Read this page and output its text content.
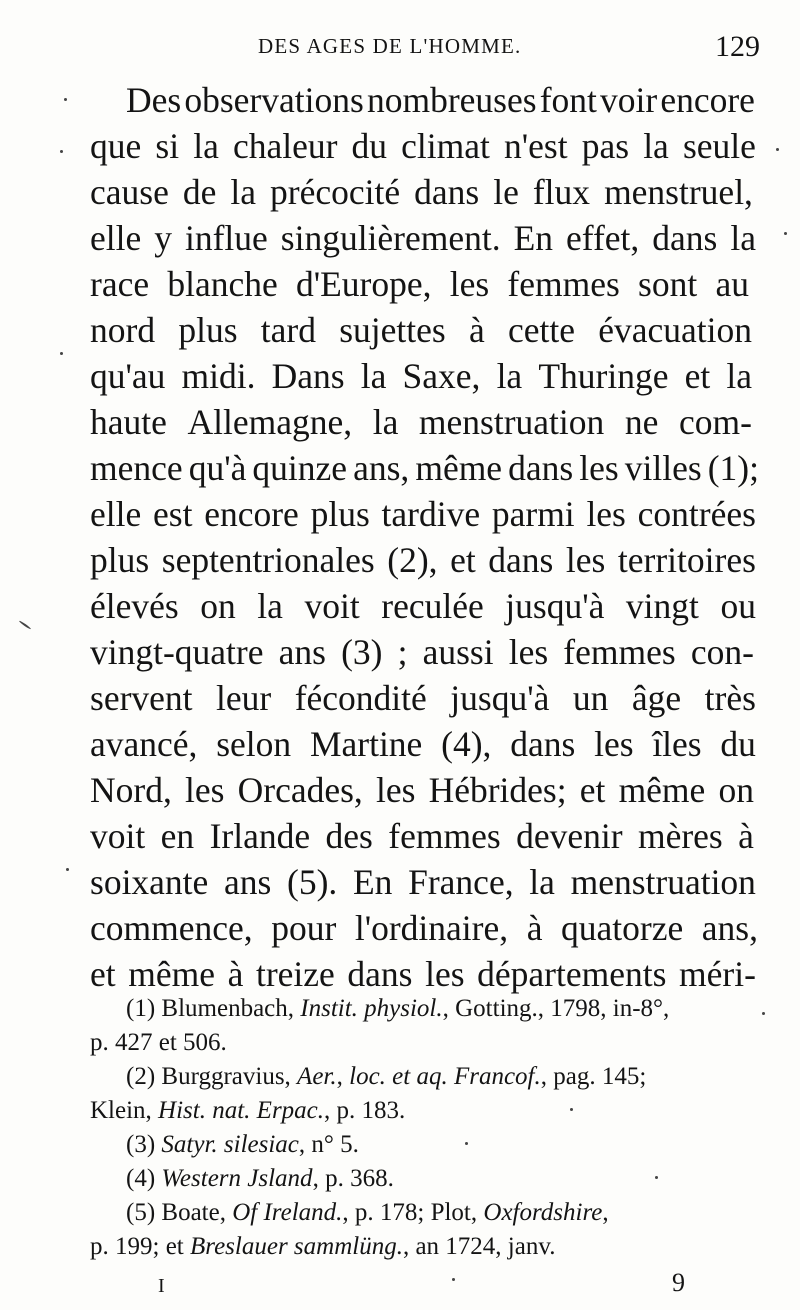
DES AGES DE L'HOMME.	129
Des observations nombreuses font voir encore
que si la chaleur du climat n'est pas la seule
cause de la précocité dans le flux menstruel,
elle y influe singulièrement. En effet, dans la
race blanche d'Europe, les femmes sont au
nord plus tard sujettes à cette évacuation
qu'au midi. Dans la Saxe, la Thuringe et la
haute Allemagne, la menstruation ne com-
mence qu'à quinze ans, même dans les villes (1);
elle est encore plus tardive parmi les contrées
plus septentrionales (2), et dans les territoires
élevés on la voit reculée jusqu'à vingt ou
vingt-quatre ans (3) ; aussi les femmes con-
servent leur fécondité jusqu'à un âge très
avancé, selon Martine (4), dans les îles du
Nord, les Orcades, les Hébrides; et même on
voit en Irlande des femmes devenir mères à
soixante ans (5). En France, la menstruation
commence, pour l'ordinaire, à quatorze ans,
et même à treize dans les départements méri-
(1) Blumenbach, Instit. physiol., Gotting., 1798, in-8°,
p. 427 et 506.
(2) Burggravius, Aer., loc. et aq. Francof., pag. 145;
Klein, Hist. nat. Erpac., p. 183.
(3) Satyr. silesiac, n° 5.
(4) Western Jsland, p. 368.
(5) Boate, Of Ireland., p. 178; Plot, Oxfordshire,
p. 199; et Breslauer sammlüng., an 1724, janv.
I	9
